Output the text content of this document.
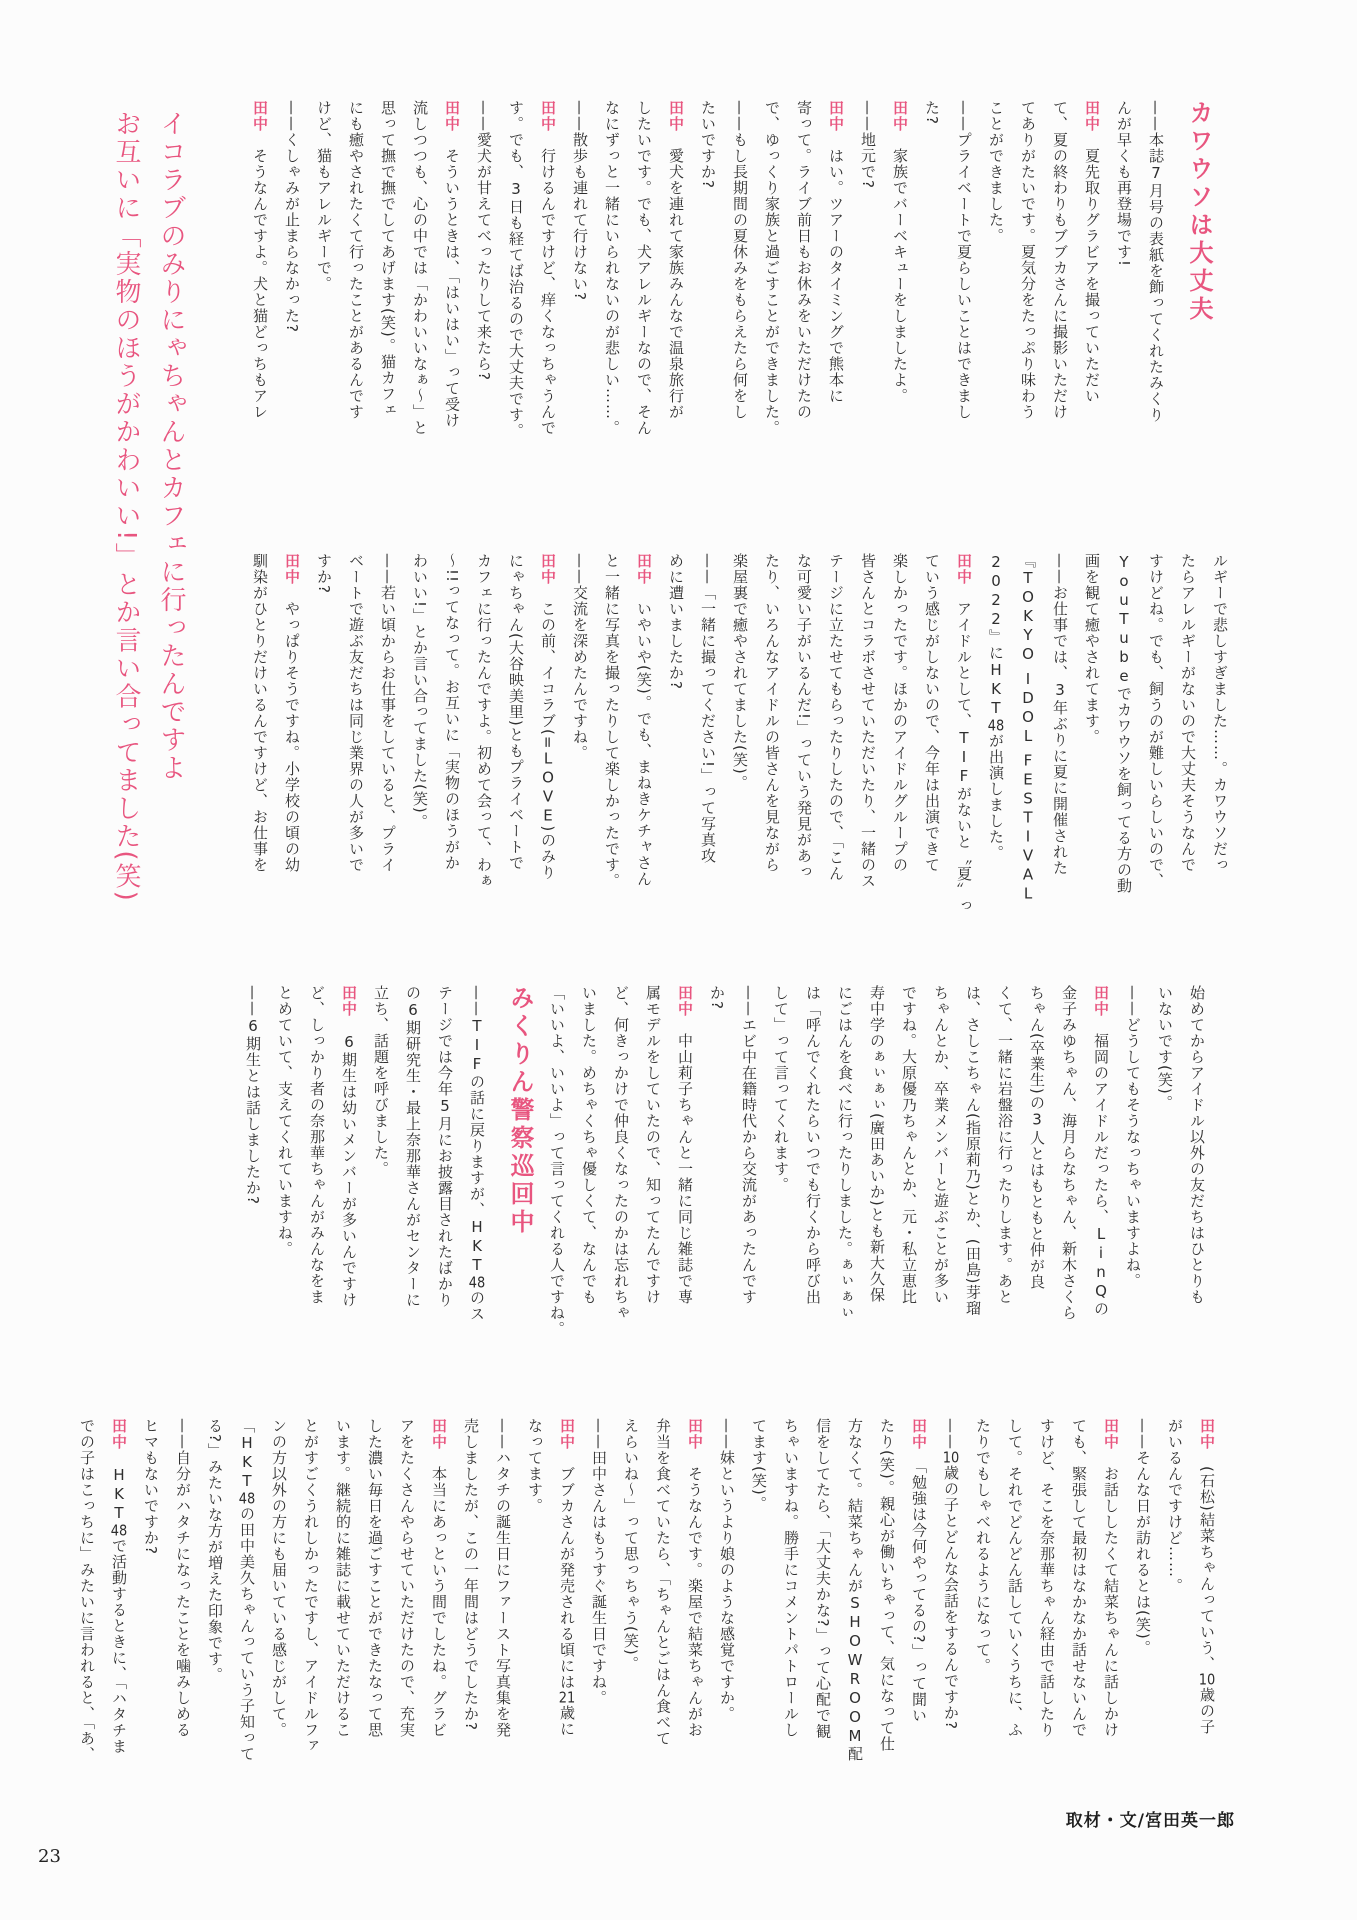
イコラブのみりにゃちゃんとカフェに行ったんですよ

お互いに「実物のほうがかわいい!」とか言い合ってました(笑)	カワウソは大丈夫

——本誌7月号の表紙を飾ってくれたみくり

んが早くも再登場です!

田中　夏先取りグラビアを撮っていただい

て、夏の終わりもブブカさんに撮影いただけ

てありがたいです。夏気分をたっぷり味わう

ことができました。

——プライベートで夏らしいことはできまし

た?

田中　家族でバーベキューをしましたよ。

——地元で?

田中　はい。ツアーのタイミングで熊本に

寄って。ライブ前日もお休みをいただけたの

で、ゆっくり家族と過ごすことができました。

——もし長期間の夏休みをもらえたら何をし

たいですか?

田中　愛犬を連れて家族みんなで温泉旅行が

したいです。でも、犬アレルギーなので、そん

なにずっと一緒にいられないのが悲しい……。

——散歩も連れて行けない?

田中　行けるんですけど、痒くなっちゃうんで

す。でも、3日も経てば治るので大丈夫です。

——愛犬が甘えてべったりして来たら?

田中　そういうときは、「はいはい」って受け

流しつつも、心の中では「かわいいなぁ〜」と

思って撫で撫でしてあげます(笑)。猫カフェ

にも癒やされたくて行ったことがあるんです

けど、猫もアレルギーで。

——くしゃみが止まらなかった?

田中　そうなんですよ。犬と猫どっちもアレ

ルギーで悲しすぎました……。カワウソだっ

たらアレルギーがないので大丈夫そうなんで

すけどね。でも、飼うのが難しいらしいので、

YouTubeでカワウソを飼ってる方の動

画を観て癒やされてます。

——お仕事では、3年ぶりに夏に開催された

『TOKYO IDOL FESTIVAL

2022』にHKT48が出演しました。

田中　アイドルとして、TIFがないと〝夏〟っ

ていう感じがしないので、今年は出演できて

楽しかったです。ほかのアイドルグループの

皆さんとコラボさせていただいたり、一緒のス

テージに立たせてもらったりしたので、「こん

な可愛い子がいるんだ!」っていう発見があっ

たり、いろんなアイドルの皆さんを見ながら

楽屋裏で癒やされてました(笑)。

——「一緒に撮ってください!」って写真攻

めに遭いましたか?

田中　いやいや(笑)。でも、まねきケチャさん

と一緒に写真を撮ったりして楽しかったです。

——交流を深めたんですね。

田中　この前、イコラブ(=LOVE)のみり

にゃちゃん(大谷映美里)ともプライベートで

カフェに行ったんですよ。初めて会って、わぁ

〜!!ってなって。お互いに「実物のほうがか

わいい!」とか言い合ってました(笑)。

——若い頃からお仕事をしていると、プライ

ベートで遊ぶ友だちは同じ業界の人が多いで

すか?

田中　やっぱりそうですね。小学校の頃の幼

馴染がひとりだけいるんですけど、お仕事を

始めてからアイドル以外の友だちはひとりも

いないです(笑)。

——どうしてもそうなっちゃいますよね。

田中　福岡のアイドルだったら、LinQの

金子みゆちゃん、海月らなちゃん、新木さくら

ちゃん(卒業生)の3人とはもともと仲が良

くて、一緒に岩盤浴に行ったりします。あと

は、さしこちゃん(指原莉乃)とか、(田島)芽瑠

ちゃんとか、卒業メンバーと遊ぶことが多い

ですね。大原優乃ちゃんとか、元・私立恵比

寿中学のぁぃぁぃ(廣田あいか)とも新大久保

にごはんを食べに行ったりしました。ぁぃぁぃ

は「呼んでくれたらいつでも行くから呼び出

して」って言ってくれます。

——エビ中在籍時代から交流があったんです

か?

田中　中山莉子ちゃんと一緒に同じ雑誌で専

属モデルをしていたので、知ってたんですけ

ど、何きっかけで仲良くなったのかは忘れちゃ

いました。めちゃくちゃ優しくて、なんでも

「いいよ、いいよ」って言ってくれる人ですね。

みくりん警察巡回中

——TIFの話に戻りますが、HKT48のス

テージでは今年5月にお披露目されたばかり

の6期研究生・最上奈那華さんがセンターに

立ち、話題を呼びました。

田中　6期生は幼いメンバーが多いんですけ

ど、しっかり者の奈那華ちゃんがみんなをま

とめていて、支えてくれていますね。

——6期生とは話しましたか?

田中　(石松)結菜ちゃんっていう、10歳の子

がいるんですけど……。

——そんな日が訪れるとは(笑)。

田中　お話ししたくて結菜ちゃんに話しかけ

ても、緊張して最初はなかなか話せないんで

すけど、そこを奈那華ちゃん経由で話したり

して。それでどんどん話していくうちに、ふ

たりでもしゃべれるようになって。

——10歳の子とどんな会話をするんですか?

田中　「勉強は今何やってるの?」って聞い

たり(笑)。親心が働いちゃって、気になって仕

方なくて。結菜ちゃんがSHOWROOM配

信をしてたら、「大丈夫かな?」って心配で観

ちゃいますね。勝手にコメントパトロールし

てます(笑)。

——妹というより娘のような感覚ですか。

田中　そうなんです。楽屋で結菜ちゃんがお

弁当を食べていたら、「ちゃんとごはん食べて

えらいね〜」って思っちゃう(笑)。

——田中さんはもうすぐ誕生日ですね。

田中　ブブカさんが発売される頃には21歳に

なってます。

——ハタチの誕生日にファースト写真集を発

売しましたが、この一年間はどうでしたか?

田中　本当にあっという間でしたね。グラビ

アをたくさんやらせていただけたので、充実

した濃い毎日を過ごすことができたなって思

います。継続的に雑誌に載せていただけるこ

とがすごくうれしかったですし、アイドルファ

ンの方以外の方にも届いている感じがして。

「HKT48の田中美久ちゃんっていう子知って

る?」みたいな方が増えた印象です。

——自分がハタチになったことを噛みしめる

ヒマもないですか?

田中　HKT48で活動するときに、「ハタチま

での子はこっちに」みたいに言われると、「あ、

取材・文/宮田英一郎
23
